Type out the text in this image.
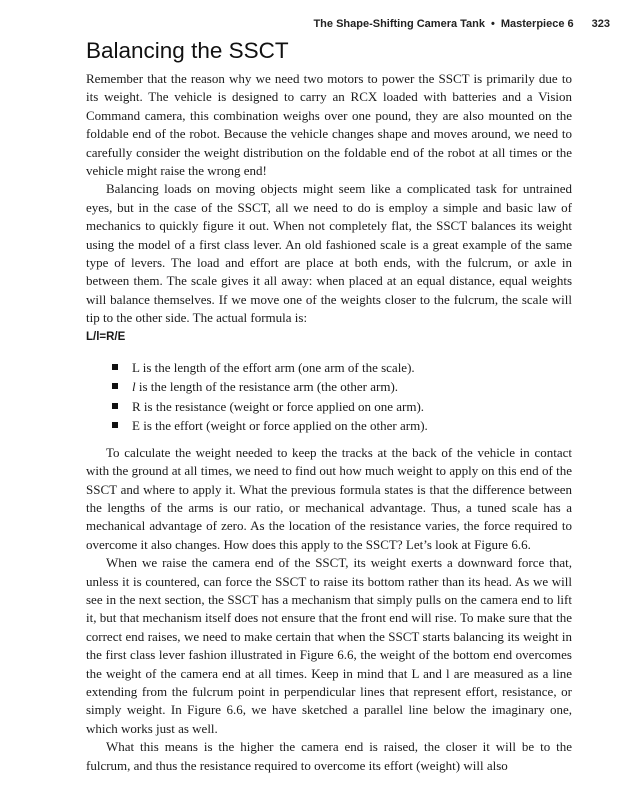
The Shape-Shifting Camera Tank • Masterpiece 6 323
Balancing the SSCT

Remember that the reason why we need two motors to power the SSCT is primarily due to its weight. The vehicle is designed to carry an RCX loaded with batteries and a Vision Command camera, this combination weighs over one pound, they are also mounted on the foldable end of the robot. Because the vehicle changes shape and moves around, we need to carefully consider the weight distribution on the foldable end of the robot at all times or the vehicle might raise the wrong end!

Balancing loads on moving objects might seem like a complicated task for untrained eyes, but in the case of the SSCT, all we need to do is employ a simple and basic law of mechanics to quickly figure it out. When not completely flat, the SSCT balances its weight using the model of a first class lever. An old fashioned scale is a great example of the same type of levers. The load and effort are place at both ends, with the fulcrum, or axle in between them. The scale gives it all away: when placed at an equal distance, equal weights will balance themselves. If we move one of the weights closer to the fulcrum, the scale will tip to the other side. The actual formula is:

L/l=R/E

L is the length of the effort arm (one arm of the scale).
l is the length of the resistance arm (the other arm).
R is the resistance (weight or force applied on one arm).
E is the effort (weight or force applied on the other arm).

To calculate the weight needed to keep the tracks at the back of the vehicle in contact with the ground at all times, we need to find out how much weight to apply on this end of the SSCT and where to apply it. What the previous formula states is that the difference between the lengths of the arms is our ratio, or mechanical advantage. Thus, a tuned scale has a mechanical advantage of zero. As the location of the resistance varies, the force required to overcome it also changes. How does this apply to the SSCT? Let’s look at Figure 6.6.

When we raise the camera end of the SSCT, its weight exerts a downward force that, unless it is countered, can force the SSCT to raise its bottom rather than its head. As we will see in the next section, the SSCT has a mechanism that simply pulls on the camera end to lift it, but that mechanism itself does not ensure that the front end will rise. To make sure that the correct end raises, we need to make certain that when the SSCT starts balancing its weight in the first class lever fashion illustrated in Figure 6.6, the weight of the bottom end overcomes the weight of the camera end at all times. Keep in mind that L and l are measured as a line extending from the fulcrum point in perpendicular lines that represent effort, resistance, or simply weight. In Figure 6.6, we have sketched a parallel line below the imaginary one, which works just as well.

What this means is the higher the camera end is raised, the closer it will be to the fulcrum, and thus the resistance required to overcome its effort (weight) will also
